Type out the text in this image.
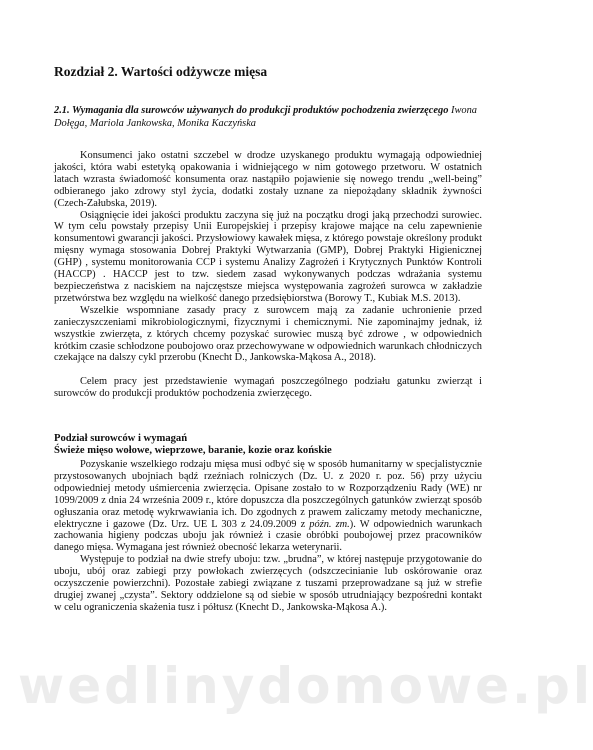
wedlinydomowe.pl
Rozdział 2. Wartości odżywcze mięsa
2.1. Wymagania dla surowców używanych do produkcji produktów pochodzenia zwierzęcego Iwona Dołęga, Mariola Jankowska, Monika Kaczyńska

Konsumenci jako ostatni szczebel w drodze uzyskanego produktu wymagają odpowiedniej jakości, która wabi estetyką opakowania i widniejącego w nim gotowego przetworu. W ostatnich latach wzrasta świadomość konsumenta oraz nastąpiło pojawienie się nowego trendu „well-being” odbieranego jako zdrowy styl życia, dodatki zostały uznane za niepożądany składnik żywności (Czech-Załubska, 2019).

Osiągnięcie idei jakości produktu zaczyna się już na początku drogi jaką przechodzi surowiec. W tym celu powstały przepisy Unii Europejskiej i przepisy krajowe mające na celu zapewnienie konsumentowi gwarancji jakości. Przysłowiowy kawałek mięsa, z którego powstaje określony produkt mięsny wymaga stosowania Dobrej Praktyki Wytwarzania (GMP), Dobrej Praktyki Higienicznej (GHP) , systemu monitorowania CCP i systemu Analizy Zagrożeń i Krytycznych Punktów Kontroli (HACCP) . HACCP jest to tzw. siedem zasad wykonywanych podczas wdrażania systemu bezpieczeństwa z naciskiem na najczęstsze miejsca występowania zagrożeń surowca w zakładzie przetwórstwa bez względu na wielkość danego przedsiębiorstwa (Borowy T., Kubiak M.S. 2013).

Wszelkie wspomniane zasady pracy z surowcem mają za zadanie uchronienie przed zanieczyszczeniami mikrobiologicznymi, fizycznymi i chemicznymi. Nie zapominajmy jednak, iż wszystkie zwierzęta, z których chcemy pozyskać surowiec muszą być zdrowe , w odpowiednich krótkim czasie schłodzone poubojowo oraz przechowywane w odpowiednich warunkach chłodniczych czekające na dalszy cykl przerobu (Knecht D., Jankowska-Mąkosa A., 2018).

Celem pracy jest przedstawienie wymagań poszczególnego podziału gatunku zwierząt i surowców do produkcji produktów pochodzenia zwierzęcego.

Podział surowców i wymagań
Świeże mięso wołowe, wieprzowe, baranie, kozie oraz końskie

Pozyskanie wszelkiego rodzaju mięsa musi odbyć się w sposób humanitarny w specjalistycznie przystosowanych ubojniach bądź rzeźniach rolniczych (Dz. U. z 2020 r. poz. 56) przy użyciu odpowiedniej metody uśmiercenia zwierzęcia. Opisane zostało to w Rozporządzeniu Rady (WE) nr 1099/2009 z dnia 24 września 2009 r., które dopuszcza dla poszczególnych gatunków zwierząt sposób ogłuszania oraz metodę wykrwawiania ich. Do zgodnych z prawem zaliczamy metody mechaniczne, elektryczne i gazowe (Dz. Urz. UE L 303 z 24.09.2009 z późn. zm.). W odpowiednich warunkach zachowania higieny podczas uboju jak również i czasie obróbki poubojowej przez pracowników danego mięsa. Wymagana jest również obecność lekarza weterynarii.

Występuje to podział na dwie strefy uboju: tzw. „brudna”, w której następuje przygotowanie do uboju, ubój oraz zabiegi przy powłokach zwierzęcych (odszczecinianie lub oskórowanie oraz oczyszczenie powierzchni). Pozostałe zabiegi związane z tuszami przeprowadzane są już w strefie drugiej zwanej „czysta”. Sektory oddzielone są od siebie w sposób utrudniający bezpośredni kontakt w celu ograniczenia skażenia tusz i półtusz (Knecht D., Jankowska-Mąkosa A.).
